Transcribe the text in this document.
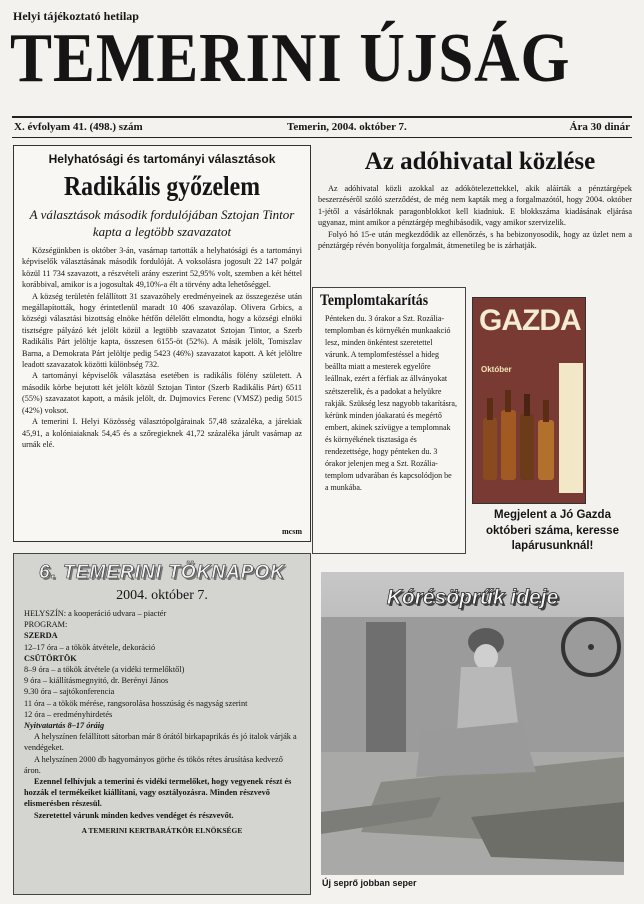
Helyi tájékoztató hetilap
TEMERINI ÚJSÁG
X. évfolyam 41. (498.) szám	Temerin, 2004. október 7.	Ára 30 dinár
Helyhatósági és tartományi választások
Radikális győzelem
A választások második fordulójában Sztojan Tintor kapta a legtöbb szavazatot

Községünkben is október 3-án, vasárnap tartották a helyhatósági és a tartományi képviselők választásának második fordulóját. A voksolásra jogosult 22 147 polgár közül 11 734 szavazott, a részvételi arány eszerint 52,95% volt, szemben a két héttel korábbival, amikor is a jogosultak 49,10%-a élt a törvény adta lehetőséggel.

A község területén felállított 31 szavazóhely eredményeinek az összegezése után megállapították, hogy érintetlenül maradt 10 406 szavazólap. Olivera Grbics, a községi választási bizottság elnöke hétfőn délelőtt elmondta, hogy a községi elnöki tisztségre pályázó két jelölt közül a legtöbb szavazatot Sztojan Tintor, a Szerb Radikális Párt jelöltje kapta, összesen 6155-öt (52%). A másik jelölt, Tomiszlav Barna, a Demokrata Párt jelöltje pedig 5423 (46%) szavazatot kapott. A két jelöltre leadott szavazatok közötti különbség 732.

A tartományi képviselők választása esetében is radikális fölény született. A második körbe bejutott két jelölt közül Sztojan Tintor (Szerb Radikális Párt) 6511 (55%) szavazatot kapott, a másik jelölt, dr. Dujmovics Ferenc (VMSZ) pedig 5015 (42%) voksot.

A temerini I. Helyi Közösség választópolgárainak 57,48 százaléka, a járekiak 45,91, a kolóniaiaknak 54,45 és a szőregieknek 41,72 százaléka járult vasárnap az urnák elé.

mcsm
6. TEMERINI TÖKNAPOK
2004. október 7.
HELYSZÍN: a kooperáció udvara – piactér
PROGRAM:
SZERDA
12–17 óra – a tökök átvétele, dekoráció
CSÜTÖRTÖK
8–9 óra – a tökök átvétele (a vidéki termelőktől)
9 óra – kiállításmegnyitó, dr. Berényi János
9.30 óra – sajtókonferencia
11 óra – a tökök mérése, rangsorolása hosszúság és nagyság szerint
12 óra – eredményhirdetés
Nyitvatartás 8–17 óráig
A helyszínen felállított sátorban már 8 órától birkapaprikás és jó italok várják a vendégeket.
A helyszínen 2000 db hagyományos görhe és tökös rétes árusítása kedvező áron.
Ezennel felhívjuk a temerini és vidéki termelőket, hogy vegyenek részt és hozzák el termékeiket kiállítani, vagy osztályozásra. Minden részvevő elismerésben részesül.
Szeretettel várunk minden kedves vendéget és részvevőt.
A TEMERINI KERTBARÁTKÖR ELNÖKSÉGE
Az adóhivatal közlése

Az adóhivatal közli azokkal az adókötelezettekkel, akik aláírták a pénztárgépek beszerzéséről szóló szerződést, de még nem kapták meg a forgalmazótól, hogy 2004. október 1-jétől a vásárlóknak paragonblokkot kell kiadniuk. E blokkszáma kiadásának eljárása ugyanaz, mint amikor a pénztárgép meghibásodik, vagy amikor szervizelik.

Folyó hó 15-e után megkezdődik az ellenőrzés, s ha bebizonyosodik, hogy az üzlet nem a pénztárgép révén bonyolítja forgalmát, átmenetileg be is zárhatják.

Templomtakarítás
Pénteken du. 3 órakor a Szt. Rozália-templomban és környékén munkaakció lesz, minden önkéntest szeretettel várunk. A templomfestéssel a hideg beállta miatt a mesterek egyelőre leállnak, ezért a férfiak az állványokat szétszerelik, és a padokat a helyükre rakják. Szükség lesz nagyobb takarításra, kérünk minden jóakaratú és megértő embert, akinek szívügye a templomnak és környékének tisztasága és rendezettsége, hogy pénteken du. 3 órakor jelenjen meg a Szt. Rozália-templom udvarában és kapcsolódjon be a munkába.
GAZDA
Október
Megjelent a Jó Gazda októberi száma, keresse lapárusunknál!
Kórésöprűk ideje
Új seprő jobban seper
